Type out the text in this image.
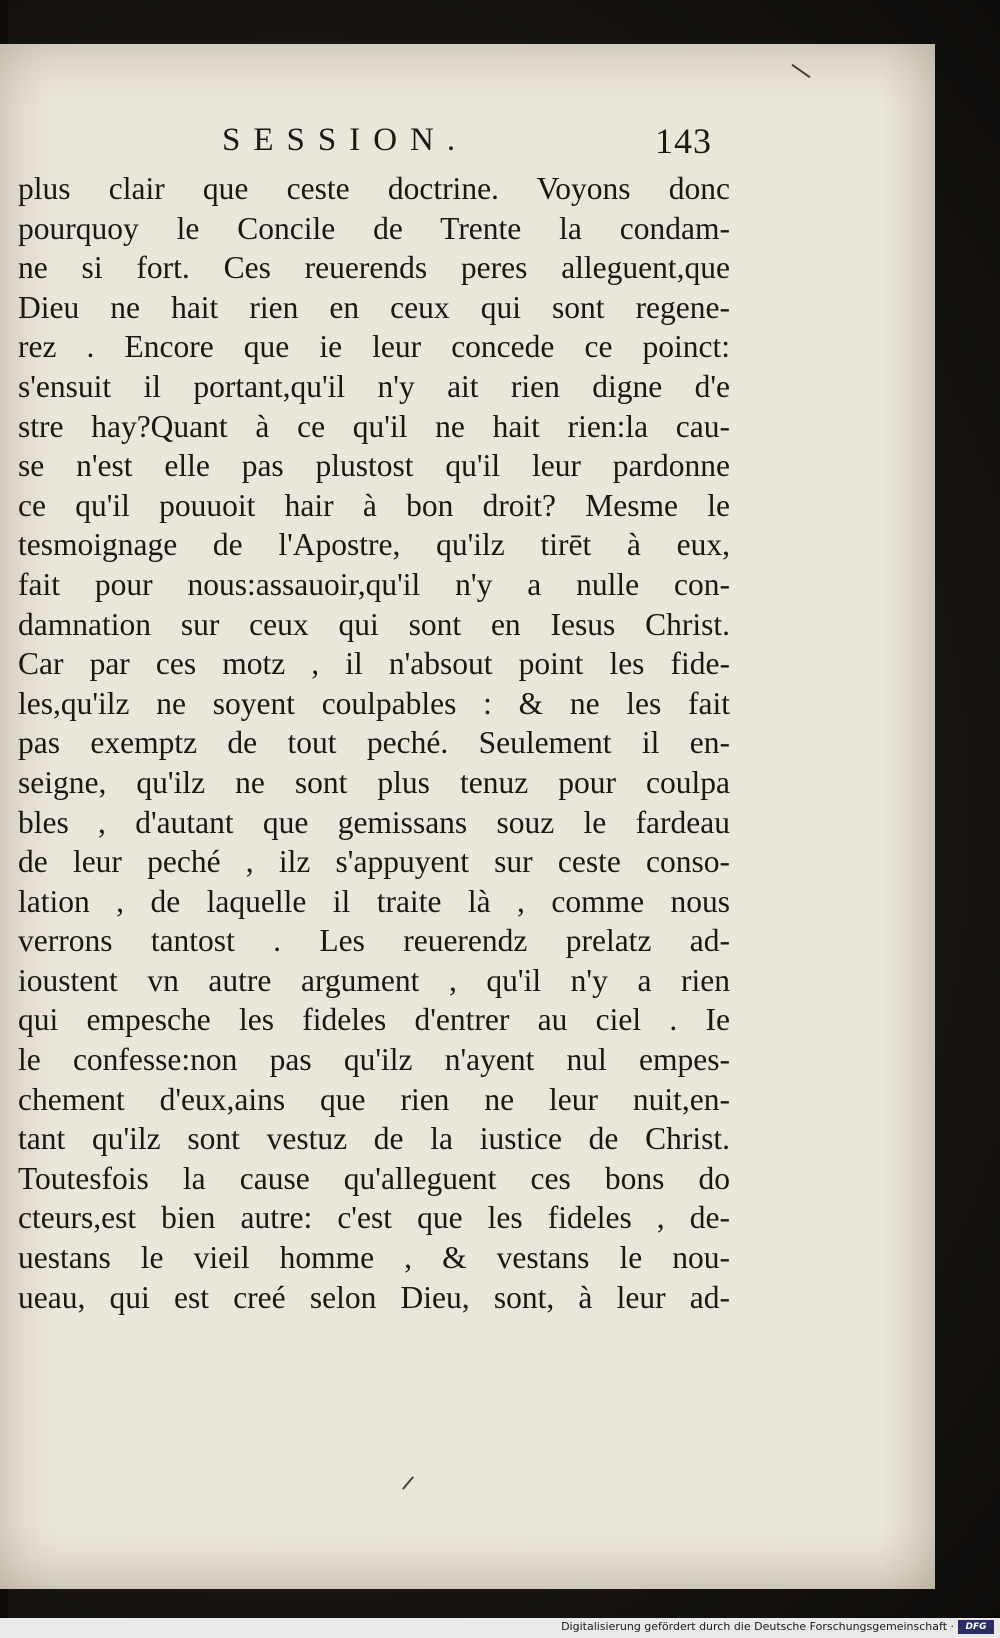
SESSION.	143
plus clair que ceste doctrine. Voyons donc
pourquoy le Concile de Trente la condam-
ne si fort. Ces reuerends peres alleguent,que
Dieu ne hait rien en ceux qui sont regene-
rez . Encore que ie leur concede ce poinct:
s'ensuit il portant,qu'il n'y ait rien digne d'e
stre hay?Quant à ce qu'il ne hait rien:la cau-
se n'est elle pas plustost qu'il leur pardonne
ce qu'il pouuoit hair à bon droit? Mesme le
tesmoignage de l'Apostre, qu'ilz tirēt à eux,
fait pour nous:assauoir,qu'il n'y a nulle con-
damnation sur ceux qui sont en Iesus Christ.
Car par ces motz , il n'absout point les fide-
les,qu'ilz ne soyent coulpables : & ne les fait
pas exemptz de tout peché. Seulement il en-
seigne, qu'ilz ne sont plus tenuz pour coulpa
bles , d'autant que gemissans souz le fardeau
de leur peché , ilz s'appuyent sur ceste conso-
lation , de laquelle il traite là , comme nous
verrons tantost . Les reuerendz prelatz ad-
ioustent vn autre argument , qu'il n'y a rien
qui empesche les fideles d'entrer au ciel . Ie
le confesse:non pas qu'ilz n'ayent nul empes-
chement d'eux,ains que rien ne leur nuit,en-
tant qu'ilz sont vestuz de la iustice de Christ.
Toutesfois la cause qu'alleguent ces bons do
cteurs,est bien autre: c'est que les fideles , de-
uestans le vieil homme , & vestans le nou-
ueau, qui est creé selon Dieu, sont, à leur ad-
Digitalisierung gefördert durch die Deutsche Forschungsgemeinschaft ·	DFG
